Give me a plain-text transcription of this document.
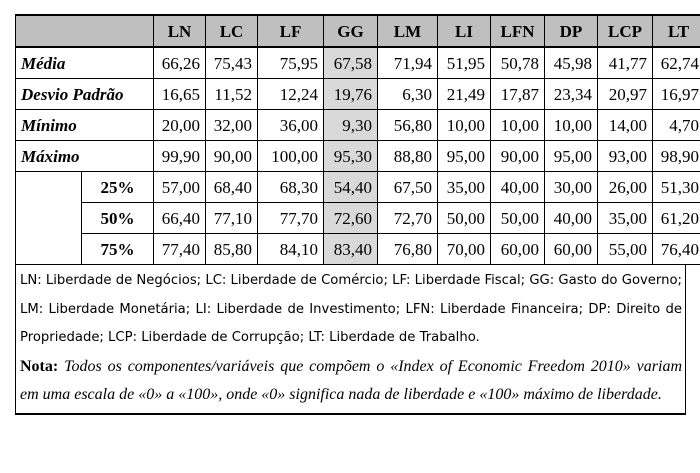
		LN	LC	LF	GG	LM	LI	LFN	DP	LCP	LT
Média		66,26	75,43	75,95	67,58	71,94	51,95	50,78	45,98	41,77	62,74
Desvio Padrão		16,65	11,52	12,24	19,76	6,30	21,49	17,87	23,34	20,97	16,97
Mínimo		20,00	32,00	36,00	9,30	56,80	10,00	10,00	10,00	14,00	4,70
Máximo		99,90	90,00	100,00	95,30	88,80	95,00	90,00	95,00	93,00	98,90
	25%	57,00	68,40	68,30	54,40	67,50	35,00	40,00	30,00	26,00	51,30
	50%	66,40	77,10	77,70	72,60	72,70	50,00	50,00	40,00	35,00	61,20
	75%	77,40	85,80	84,10	83,40	76,80	70,00	60,00	60,00	55,00	76,40

LN: Liberdade de Negócios; LC: Liberdade de Comércio; LF: Liberdade Fiscal; GG: Gasto do Governo; LM: Liberdade Monetária; LI: Liberdade de Investimento; LFN: Liberdade Financeira; DP: Direito de Propriedade; LCP: Liberdade de Corrupção; LT: Liberdade de Trabalho.

Nota: Todos os componentes/variáveis que compõem o «Index of Economic Freedom 2010» variam em uma escala de «0» a «100», onde «0» significa nada de liberdade e «100» máximo de liberdade.
